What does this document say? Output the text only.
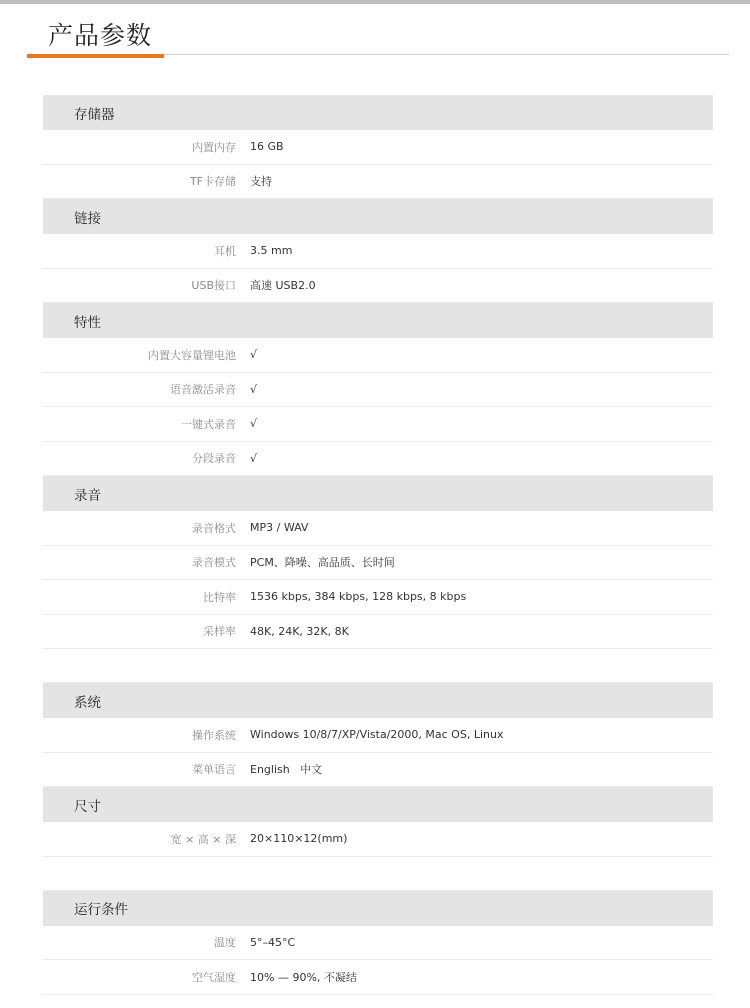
产品参数
存储器
内置内存	16 GB
TF卡存储	支持
链接
耳机	3.5 mm
USB接口	高速 USB2.0
特性
内置大容量锂电池	√
语音激活录音	√
一键式录音	√
分段录音	√
录音
录音格式	MP3 / WAV
录音模式	PCM、降噪、高品质、长时间
比特率	1536 kbps, 384 kbps, 128 kbps, 8 kbps
采样率	48K, 24K, 32K, 8K
系统
操作系统	Windows 10/8/7/XP/Vista/2000, Mac OS, Linux
菜单语言	English   中文
尺寸
宽 × 高 × 深	20×110×12(mm)
运行条件
温度	5°–45°C
空气湿度	10% — 90%, 不凝结
